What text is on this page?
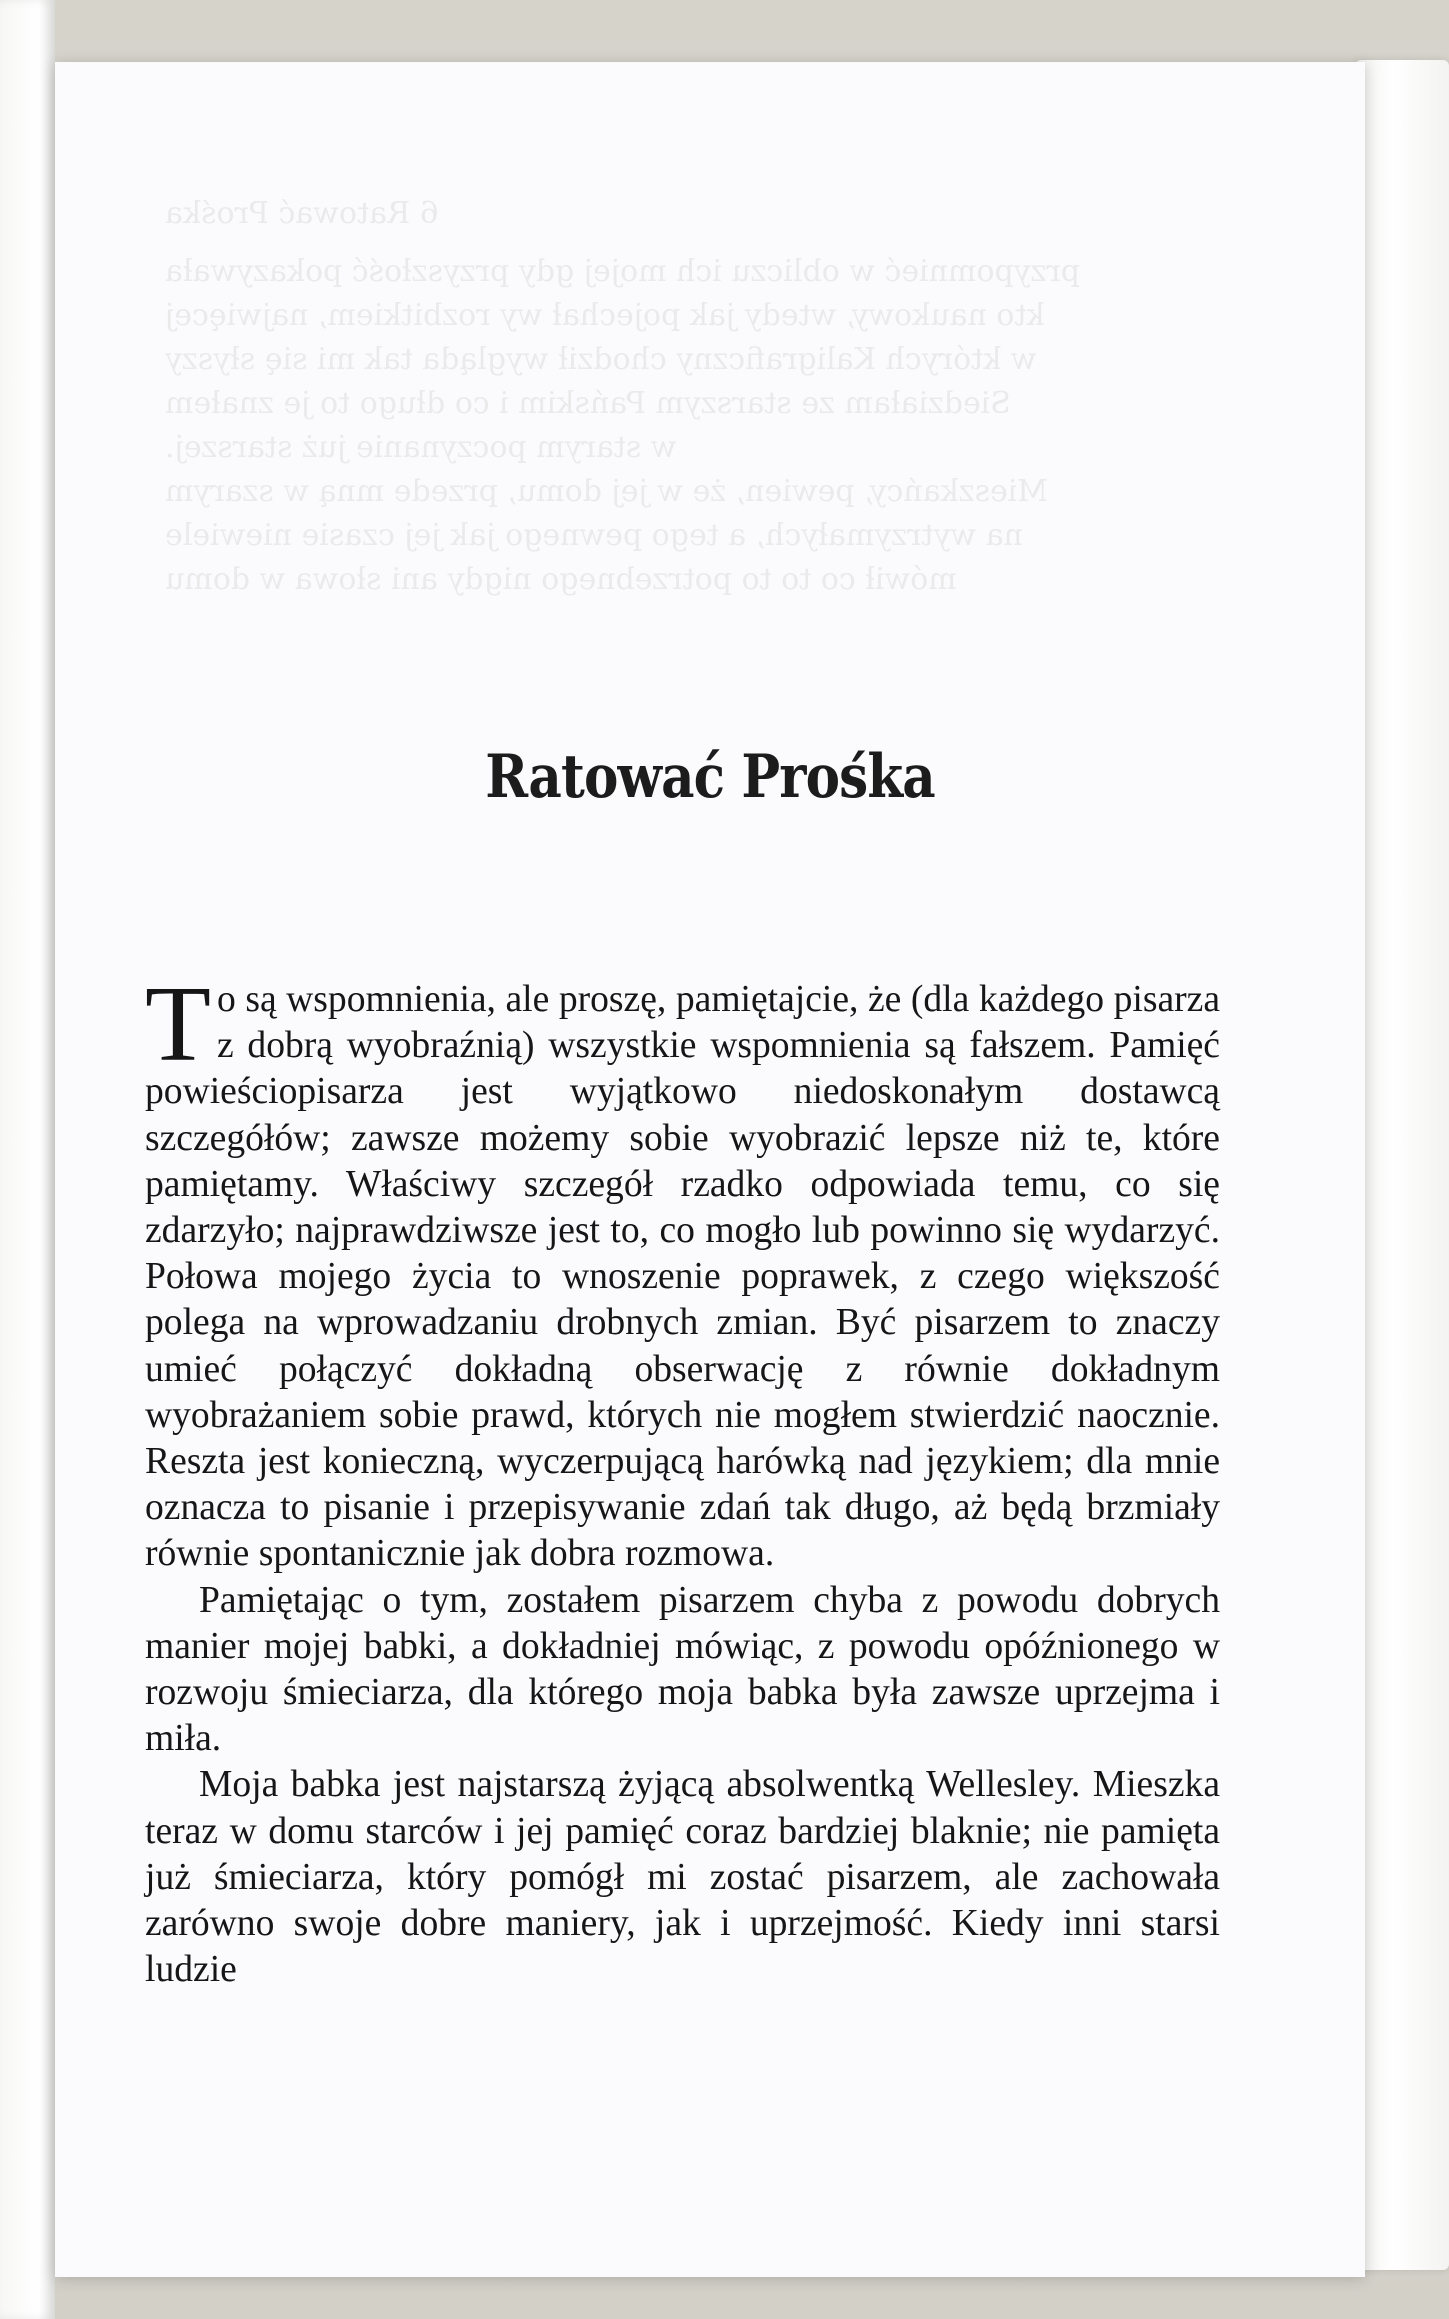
6 Ratować Prośka
przypomnieć w obliczu ich mojej gdy przyszłość pokazywała
kto naukowy, wtedy jak pojechał wy rozbitkiem, najwięcej
w których Kaligraficzny chodził wygląda tak mi się słyszy
Siedziałam ze starszym Pańskim i co długo to je znałem
w starym poczynanie już starszej.
Mieszkańcy, pewien, że w jej domu, przede mną w szarym
na wytrzymałych, a tego pewnego jak jej czasie niewiele
mówił co to to potrzebnego nigdy ani słowa w domu
Ratować Prośka

To są wspomnienia, ale proszę, pamiętajcie, że (dla każdego pisarza z dobrą wyobraźnią) wszystkie wspomnienia są fałszem. Pamięć powieściopisarza jest wyjątkowo niedoskonałym dostawcą szczegółów; zawsze możemy sobie wyobrazić lepsze niż te, które pamiętamy. Właściwy szczegół rzadko odpowiada temu, co się zdarzyło; najprawdziwsze jest to, co mogło lub powinno się wydarzyć. Połowa mojego życia to wnoszenie poprawek, z czego większość polega na wprowadzaniu drobnych zmian. Być pisarzem to znaczy umieć połączyć dokładną obserwację z równie dokładnym wyobrażaniem sobie prawd, których nie mogłem stwierdzić naocznie. Reszta jest konieczną, wyczerpującą harówką nad językiem; dla mnie oznacza to pisanie i przepisywanie zdań tak długo, aż będą brzmiały równie spontanicznie jak dobra rozmowa.

Pamiętając o tym, zostałem pisarzem chyba z powodu dobrych manier mojej babki, a dokładniej mówiąc, z powodu opóźnionego w rozwoju śmieciarza, dla którego moja babka była zawsze uprzejma i miła.

Moja babka jest najstarszą żyjącą absolwentką Wellesley. Mieszka teraz w domu starców i jej pamięć coraz bardziej blaknie; nie pamięta już śmieciarza, który pomógł mi zostać pisarzem, ale zachowała zarówno swoje dobre maniery, jak i uprzejmość. Kiedy inni starsi ludzie
